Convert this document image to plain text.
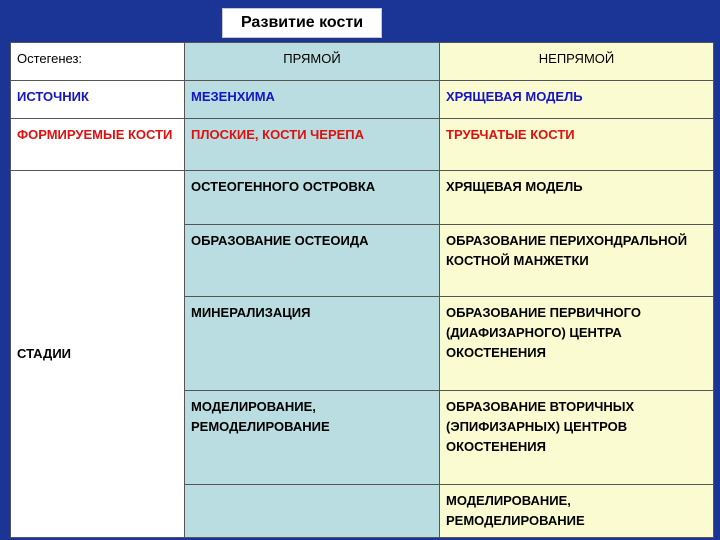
Развитие кости
Остегенез:	ПРЯМОЙ	НЕПРЯМОЙ
ИСТОЧНИК	МЕЗЕНХИМА	ХРЯЩЕВАЯ МОДЕЛЬ
ФОРМИРУЕМЫЕ КОСТИ	ПЛОСКИЕ, КОСТИ ЧЕРЕПА	ТРУБЧАТЫЕ КОСТИ
СТАДИИ	ОСТЕОГЕННОГО ОСТРОВКА	ХРЯЩЕВАЯ МОДЕЛЬ
	ОБРАЗОВАНИЕ ОСТЕОИДА	ОБРАЗОВАНИЕ ПЕРИХОНДРАЛЬНОЙ КОСТНОЙ МАНЖЕТКИ
	МИНЕРАЛИЗАЦИЯ	ОБРАЗОВАНИЕ ПЕРВИЧНОГО (ДИАФИЗАРНОГО) ЦЕНТРА ОКОСТЕНЕНИЯ
	МОДЕЛИРОВАНИЕ, РЕМОДЕЛИРОВАНИЕ	ОБРАЗОВАНИЕ ВТОРИЧНЫХ (ЭПИФИЗАРНЫХ) ЦЕНТРОВ ОКОСТЕНЕНИЯ
		МОДЕЛИРОВАНИЕ, РЕМОДЕЛИРОВАНИЕ
